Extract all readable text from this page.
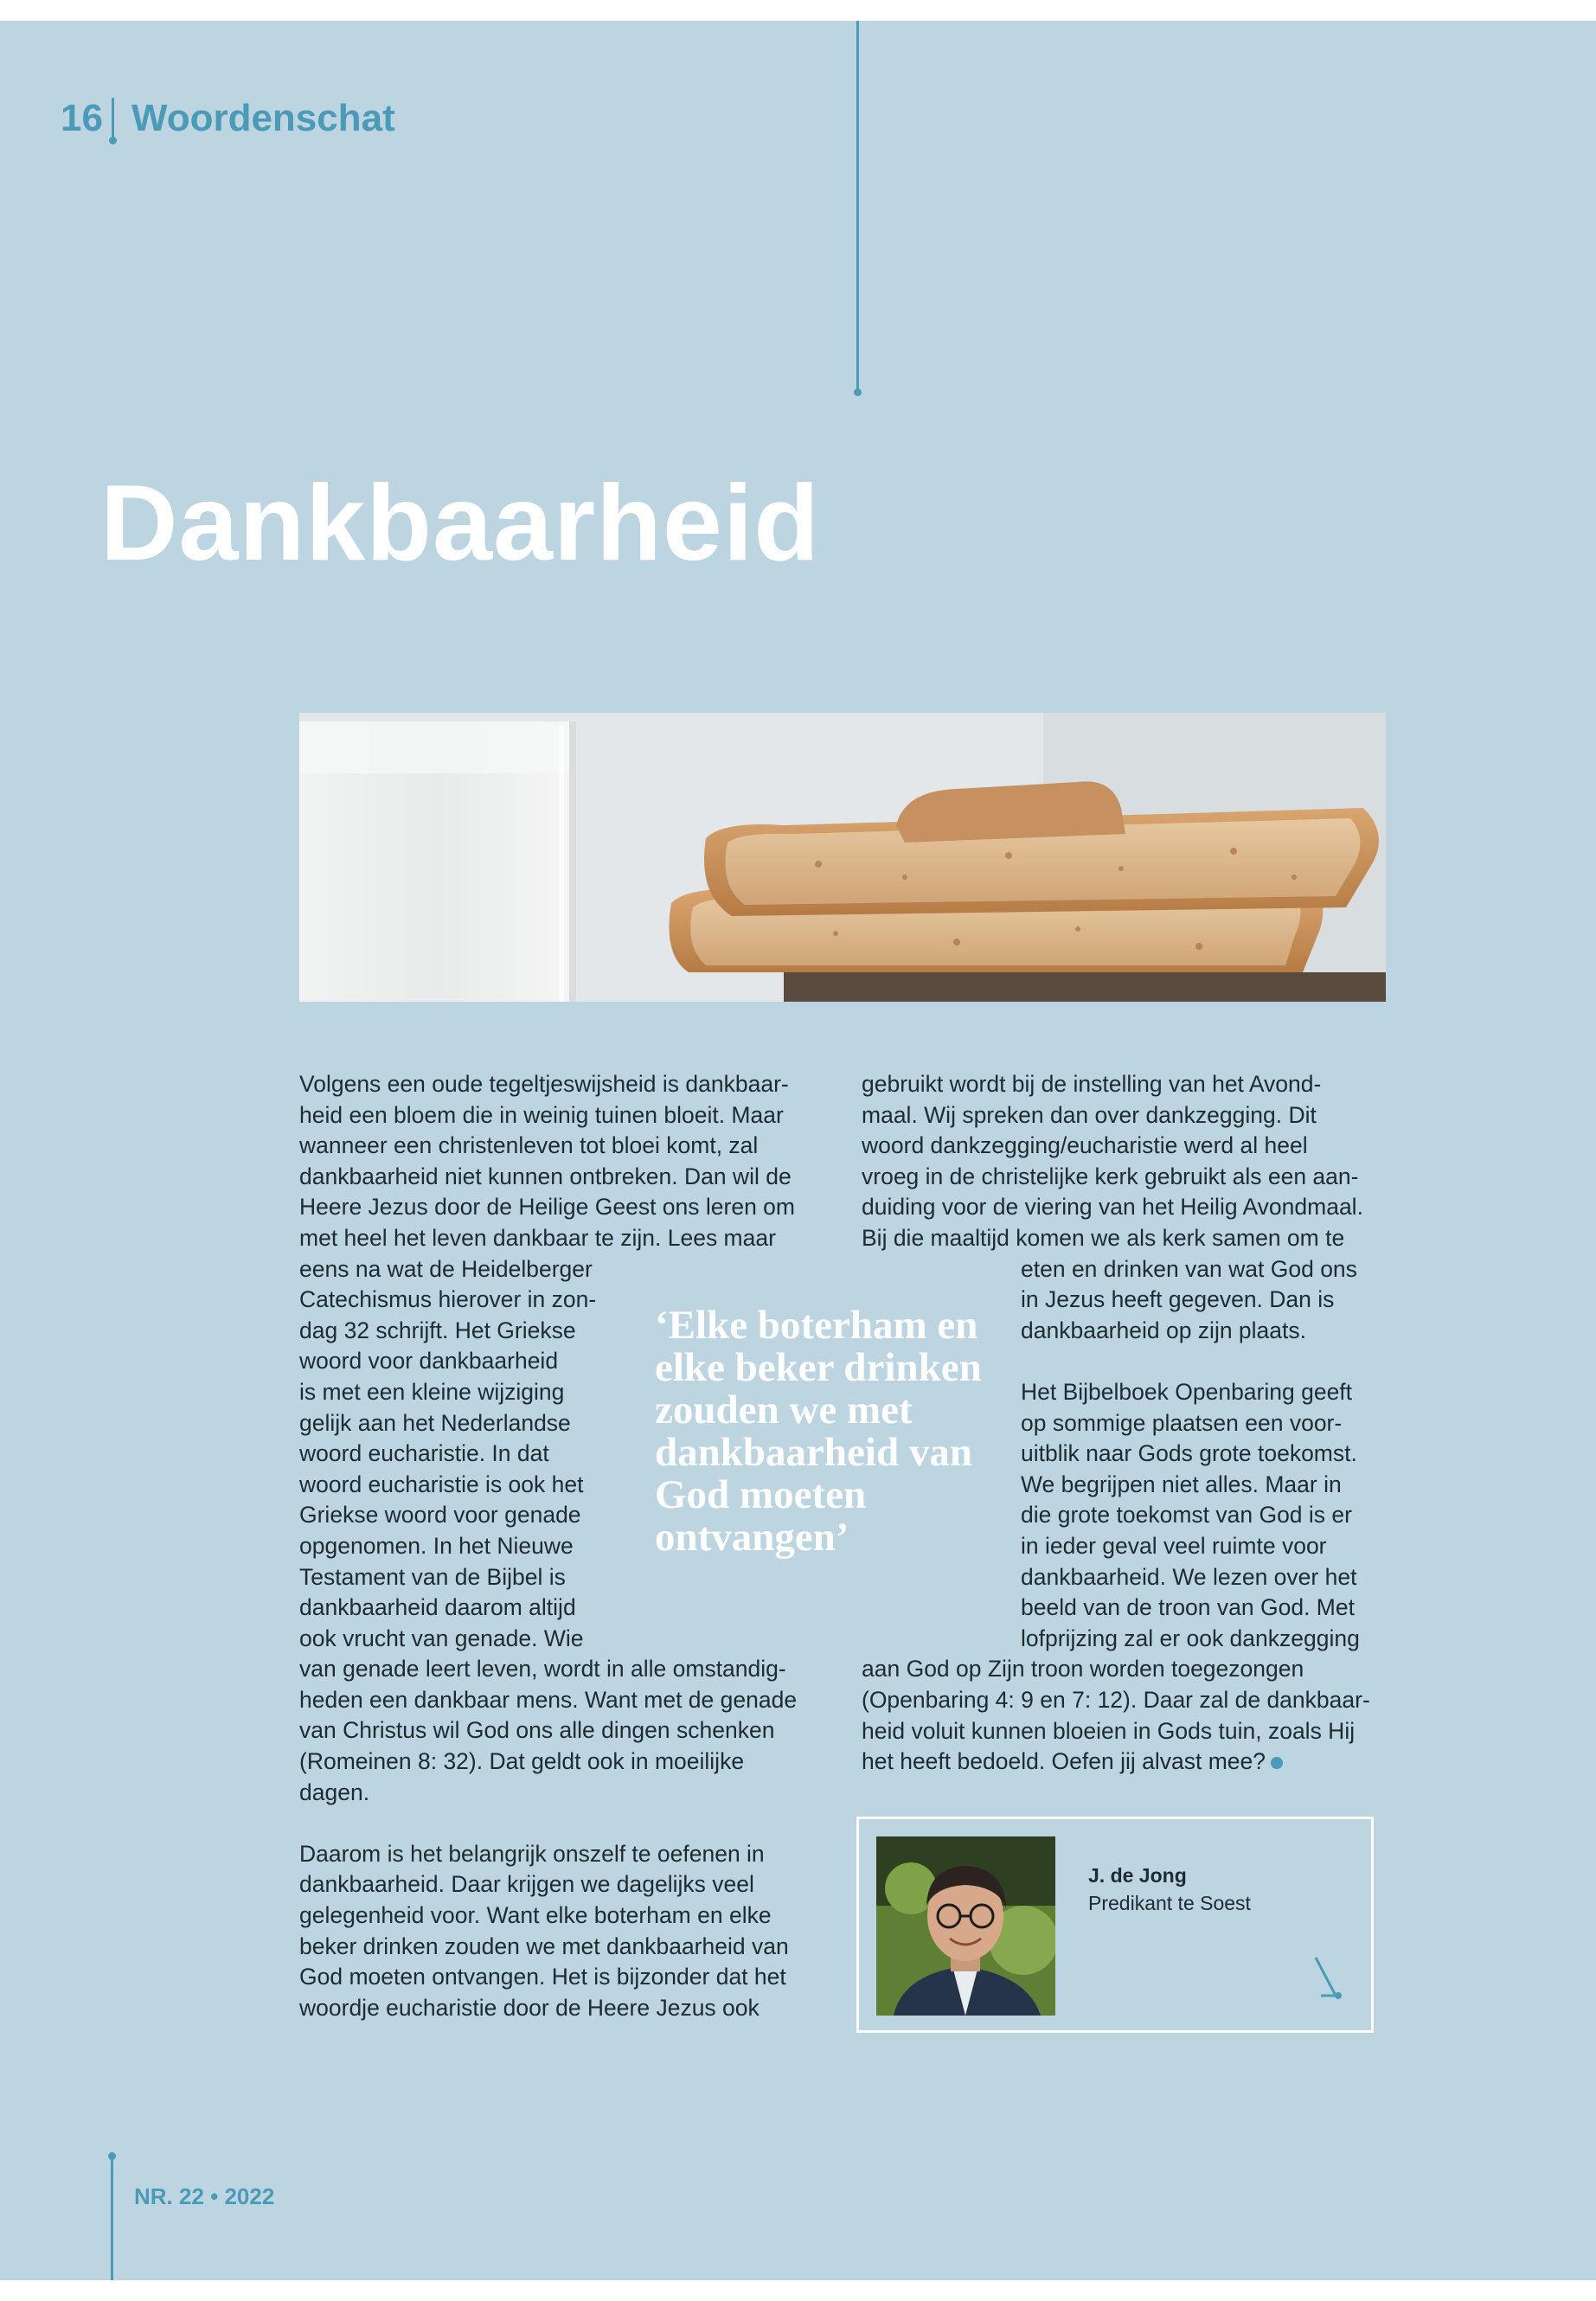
16 Woordenschat
Dankbaarheid

Volgens een oude tegeltjeswijsheid is dankbaar-

heid een bloem die in weinig tuinen bloeit. Maar

wanneer een christenleven tot bloei komt, zal

dankbaarheid niet kunnen ontbreken. Dan wil de

Heere Jezus door de Heilige Geest ons leren om

met heel het leven dankbaar te zijn. Lees maar

eens na wat de Heidelberger

Catechismus hierover in zon-

dag 32 schrijft. Het Griekse

woord voor dankbaarheid

is met een kleine wijziging

gelijk aan het Nederlandse

woord eucharistie. In dat

woord eucharistie is ook het

Griekse woord voor genade

opgenomen. In het Nieuwe

Testament van de Bijbel is

dankbaarheid daarom altijd

ook vrucht van genade. Wie

van genade leert leven, wordt in alle omstandig-

heden een dankbaar mens. Want met de genade

van Christus wil God ons alle dingen schenken

(Romeinen 8: 32). Dat geldt ook in moeilijke

dagen.

Daarom is het belangrijk onszelf te oefenen in

dankbaarheid. Daar krijgen we dagelijks veel

gelegenheid voor. Want elke boterham en elke

beker drinken zouden we met dankbaarheid van

God moeten ontvangen. Het is bijzonder dat het

woordje eucharistie door de Heere Jezus ook

gebruikt wordt bij de instelling van het Avond-

maal. Wij spreken dan over dankzegging. Dit

woord dankzegging/eucharistie werd al heel

vroeg in de christelijke kerk gebruikt als een aan-

duiding voor de viering van het Heilig Avondmaal.

Bij die maaltijd komen we als kerk samen om te

eten en drinken van wat God ons

in Jezus heeft gegeven. Dan is

dankbaarheid op zijn plaats.

Het Bijbelboek Openbaring geeft

op sommige plaatsen een voor-

uitblik naar Gods grote toekomst.

We begrijpen niet alles. Maar in

die grote toekomst van God is er

in ieder geval veel ruimte voor

dankbaarheid. We lezen over het

beeld van de troon van God. Met

lofprijzing zal er ook dankzegging

aan God op Zijn troon worden toegezongen

(Openbaring 4: 9 en 7: 12). Daar zal de dankbaar-

heid voluit kunnen bloeien in Gods tuin, zoals Hij

het heeft bedoeld. Oefen jij alvast mee?

‘Elke boterham en elke beker drinken zouden we met dankbaarheid van God moeten ontvangen’
J. de Jong
Predikant te Soest
NR. 22 • 2022
